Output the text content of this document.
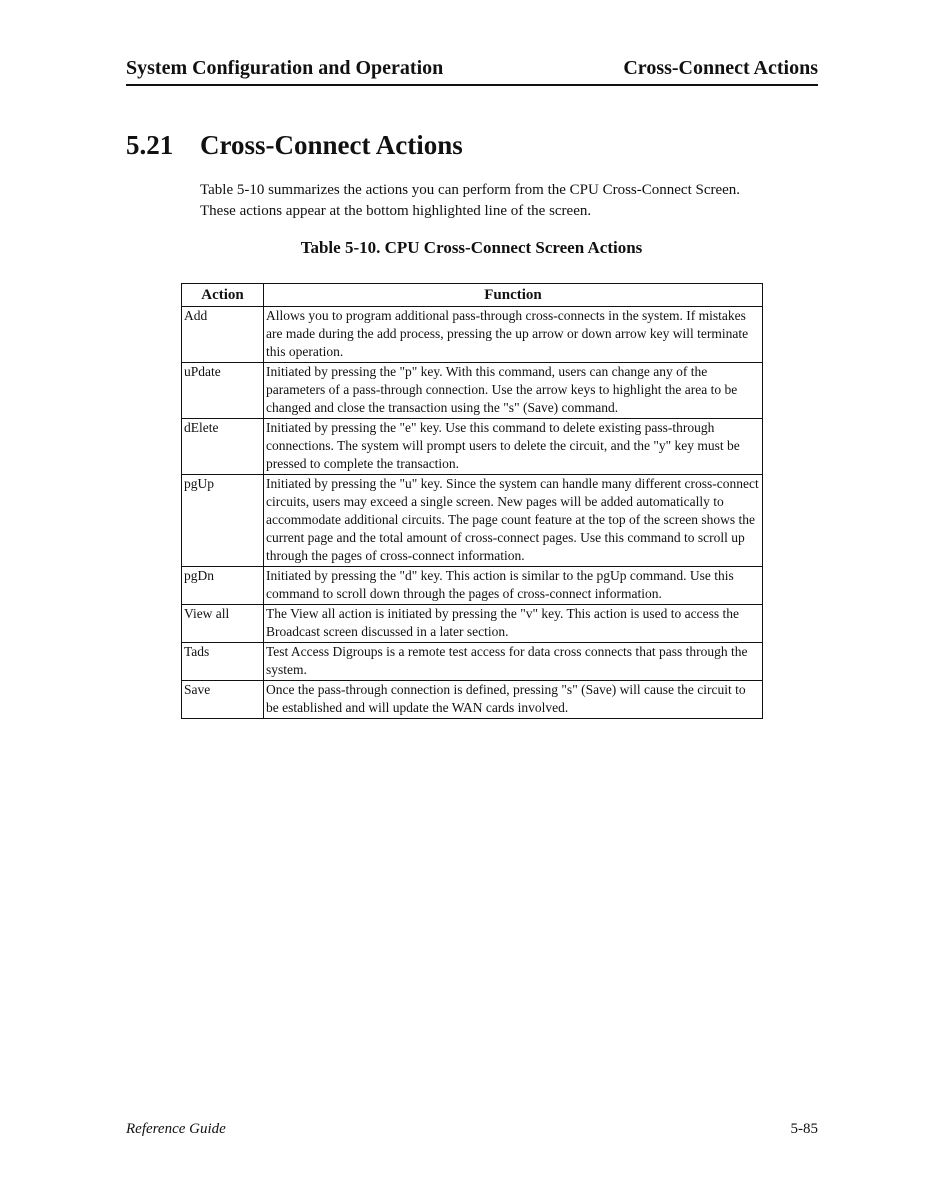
System Configuration and Operation	Cross-Connect Actions
5.21 Cross-Connect Actions

Table 5-10 summarizes the actions you can perform from the CPU Cross-Connect Screen.

These actions appear at the bottom highlighted line of the screen.

Table 5-10. CPU Cross-Connect Screen Actions
Action	Function
Add	Allows you to program additional pass-through cross-connects in the system. If mistakes are made during the add process, pressing the up arrow or down arrow key will terminate this operation.
uPdate	Initiated by pressing the "p" key. With this command, users can change any of the parameters of a pass-through connection. Use the arrow keys to highlight the area to be changed and close the transaction using the "s" (Save) command.
dElete	Initiated by pressing the "e" key. Use this command to delete existing pass-through connections. The system will prompt users to delete the circuit, and the "y" key must be pressed to complete the transaction.
pgUp	Initiated by pressing the "u" key. Since the system can handle many different cross-connect circuits, users may exceed a single screen. New pages will be added automatically to accommodate additional circuits. The page count feature at the top of the screen shows the current page and the total amount of cross-connect pages. Use this command to scroll up through the pages of cross-connect information.
pgDn	Initiated by pressing the "d" key. This action is similar to the pgUp command. Use this command to scroll down through the pages of cross-connect information.
View all	The View all action is initiated by pressing the "v" key. This action is used to access the Broadcast screen discussed in a later section.
Tads	Test Access Digroups is a remote test access for data cross connects that pass through the system.
Save	Once the pass-through connection is defined, pressing "s" (Save) will cause the circuit to be established and will update the WAN cards involved.
Reference Guide	5-85
